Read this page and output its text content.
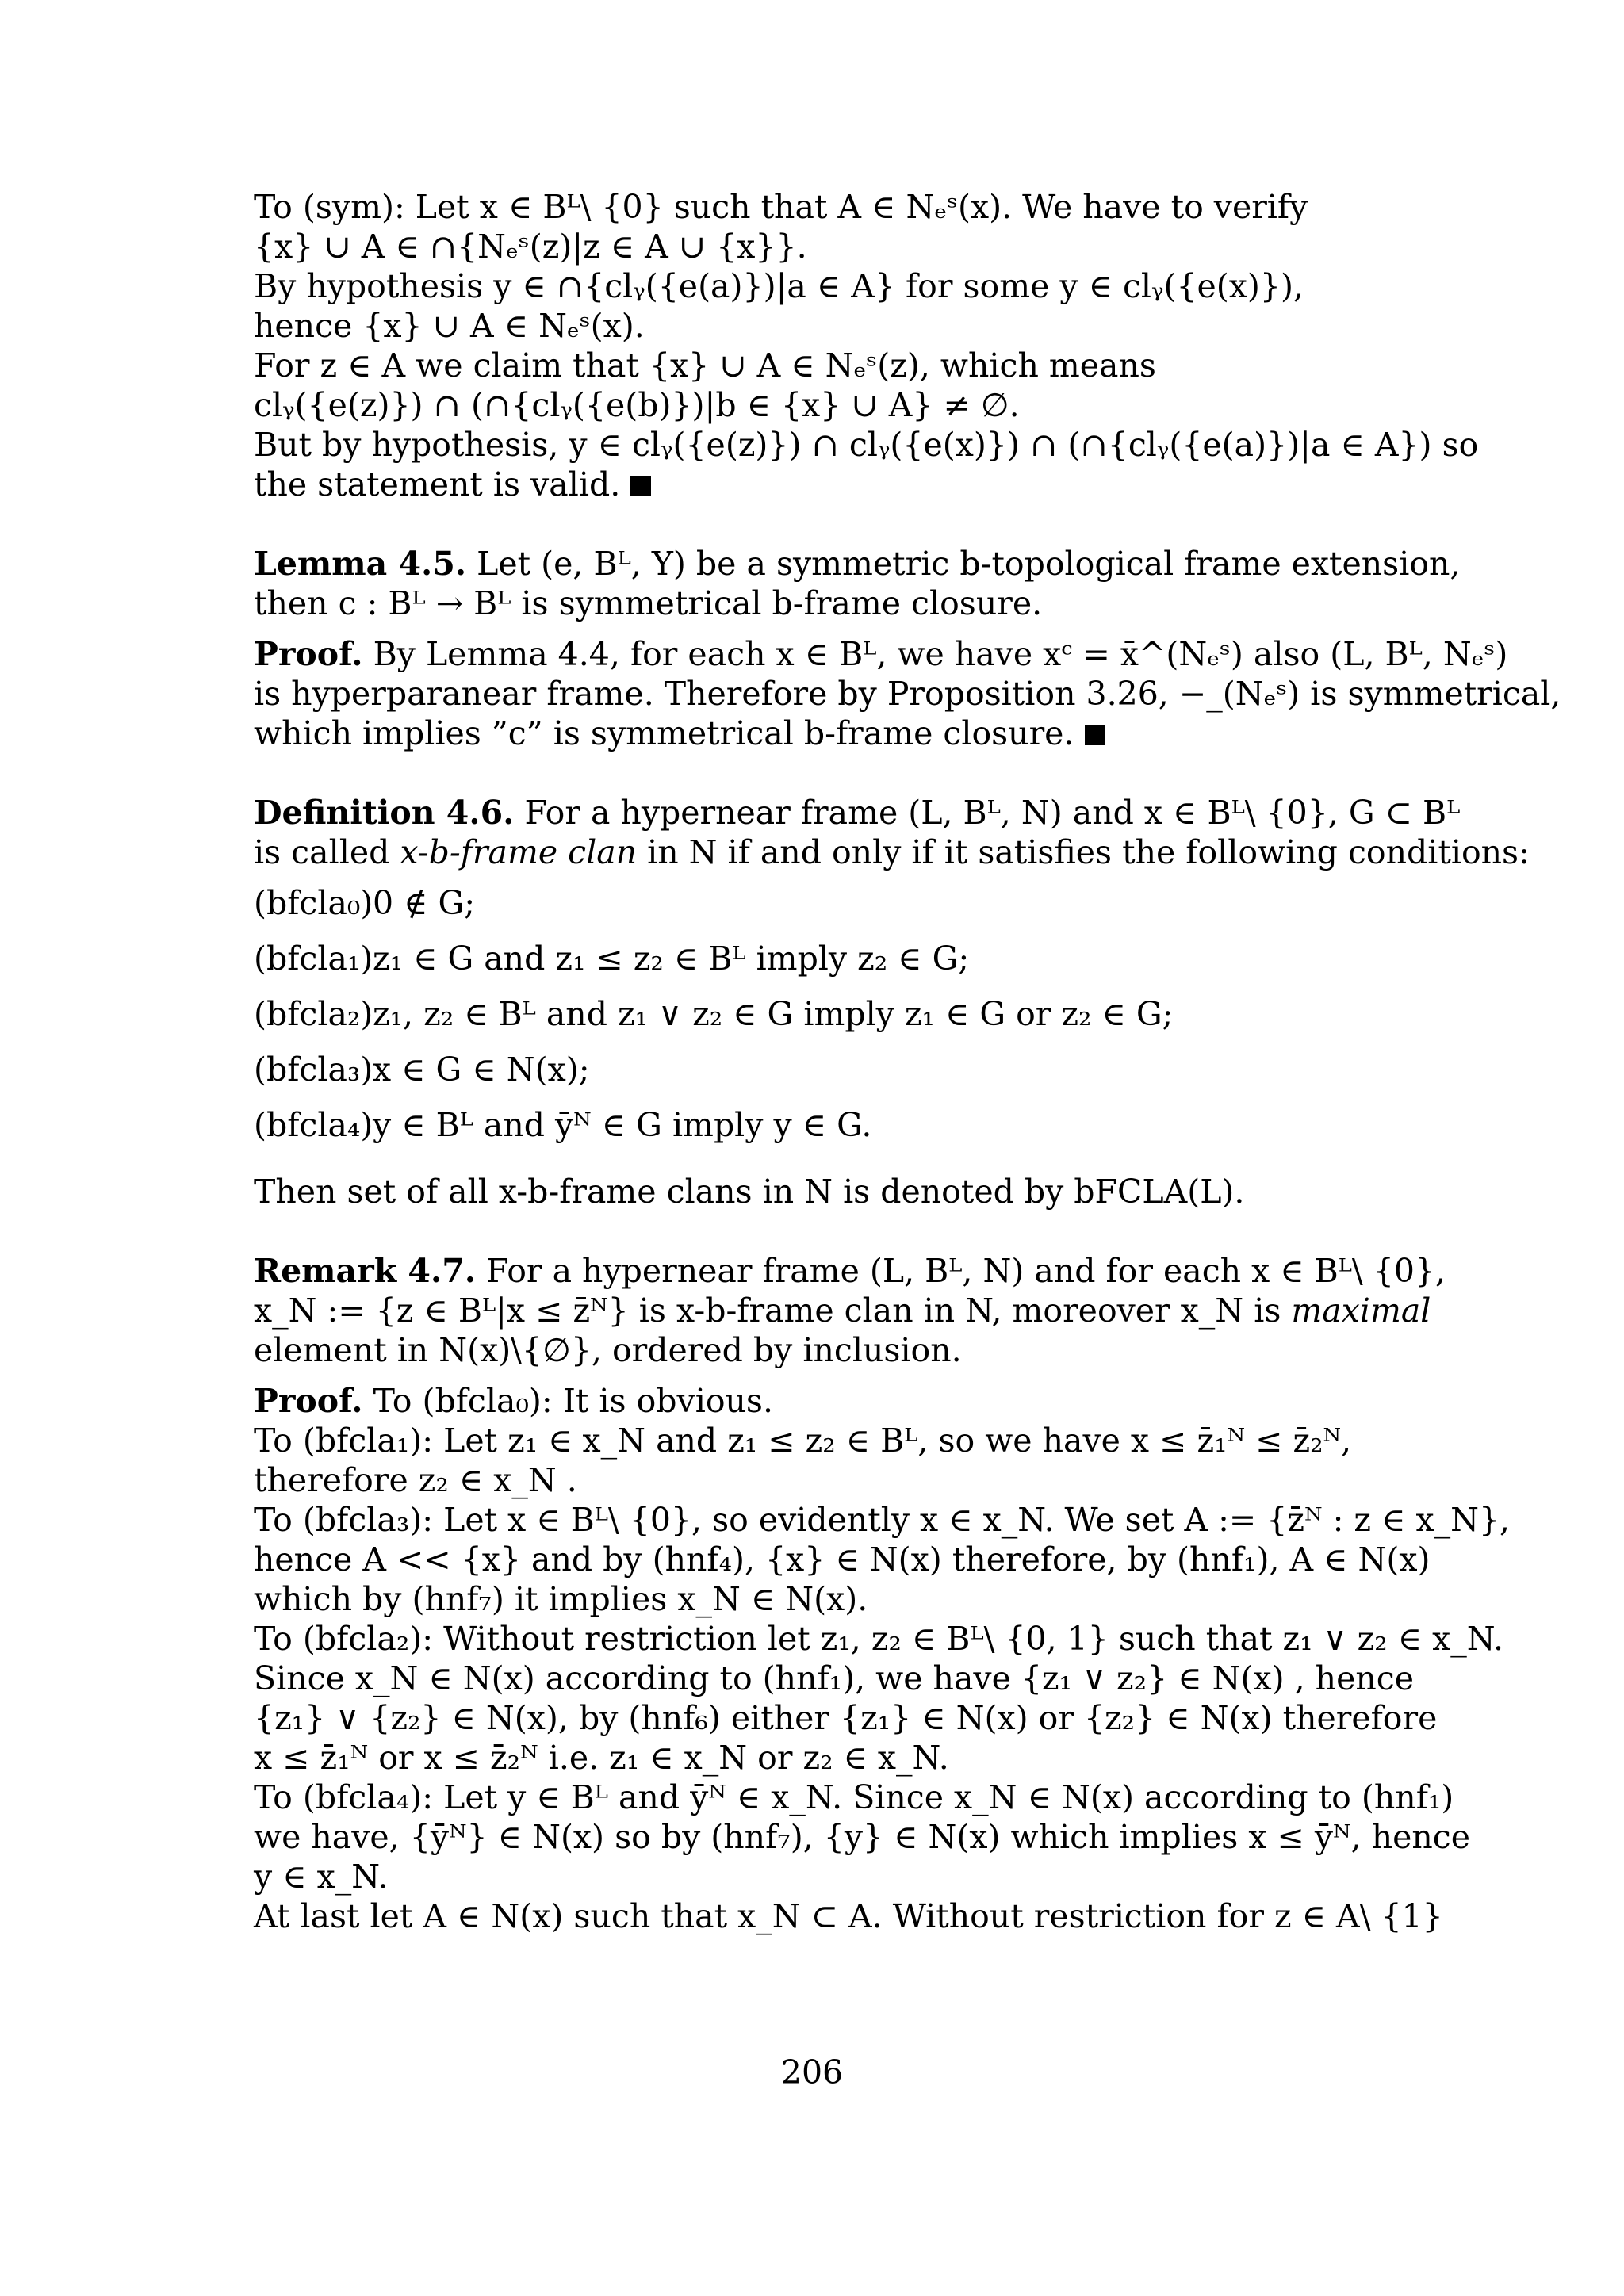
To (sym): Let x ∈ Bᴸ\ {0} such that A ∈ Nₑˢ(x). We have to verify
{x} ∪ A ∈ ∩{Nₑˢ(z)|z ∈ A ∪ {x}}.
By hypothesis y ∈ ∩{clᵧ({e(a)})|a ∈ A} for some y ∈ clᵧ({e(x)}),
hence {x} ∪ A ∈ Nₑˢ(x).
For z ∈ A we claim that {x} ∪ A ∈ Nₑˢ(z), which means
clᵧ({e(z)}) ∩ (∩{clᵧ({e(b)})|b ∈ {x} ∪ A} ≠ ∅.
But by hypothesis, y ∈ clᵧ({e(z)}) ∩ clᵧ({e(x)}) ∩ (∩{clᵧ({e(a)})|a ∈ A}) so
the statement is valid.
Lemma 4.5. Let (e, Bᴸ, Y) be a symmetric b-topological frame extension,
then c : Bᴸ → Bᴸ is symmetrical b-frame closure.
Proof. By Lemma 4.4, for each x ∈ Bᴸ, we have xᶜ = x̄^(Nₑˢ) also (L, Bᴸ, Nₑˢ)
is hyperparanear frame. Therefore by Proposition 3.26, −_(Nₑˢ) is symmetrical,
which implies ”c” is symmetrical b-frame closure.
Definition 4.6. For a hypernear frame (L, Bᴸ, N) and x ∈ Bᴸ\ {0}, G ⊂ Bᴸ
is called x-b-frame clan in N if and only if it satisfies the following conditions:
(bfcla₀)0 ∉ G;
(bfcla₁)z₁ ∈ G and z₁ ≤ z₂ ∈ Bᴸ imply z₂ ∈ G;
(bfcla₂)z₁, z₂ ∈ Bᴸ and z₁ ∨ z₂ ∈ G imply z₁ ∈ G or z₂ ∈ G;
(bfcla₃)x ∈ G ∈ N(x);
(bfcla₄)y ∈ Bᴸ and ȳᴺ ∈ G imply y ∈ G.
Then set of all x-b-frame clans in N is denoted by bFCLA(L).
Remark 4.7. For a hypernear frame (L, Bᴸ, N) and for each x ∈ Bᴸ\ {0},
x_N := {z ∈ Bᴸ|x ≤ z̄ᴺ} is x-b-frame clan in N, moreover x_N is maximal
element in N(x)\{∅}, ordered by inclusion.
Proof. To (bfcla₀): It is obvious.
To (bfcla₁): Let z₁ ∈ x_N and z₁ ≤ z₂ ∈ Bᴸ, so we have x ≤ z̄₁ᴺ ≤ z̄₂ᴺ,
therefore z₂ ∈ x_N .
To (bfcla₃): Let x ∈ Bᴸ\ {0}, so evidently x ∈ x_N. We set A := {z̄ᴺ : z ∈ x_N},
hence A << {x} and by (hnf₄), {x} ∈ N(x) therefore, by (hnf₁), A ∈ N(x)
which by (hnf₇) it implies x_N ∈ N(x).
To (bfcla₂): Without restriction let z₁, z₂ ∈ Bᴸ\ {0, 1} such that z₁ ∨ z₂ ∈ x_N.
Since x_N ∈ N(x) according to (hnf₁), we have {z₁ ∨ z₂} ∈ N(x) , hence
{z₁} ∨ {z₂} ∈ N(x), by (hnf₆) either {z₁} ∈ N(x) or {z₂} ∈ N(x) therefore
x ≤ z̄₁ᴺ or x ≤ z̄₂ᴺ i.e. z₁ ∈ x_N or z₂ ∈ x_N.
To (bfcla₄): Let y ∈ Bᴸ and ȳᴺ ∈ x_N. Since x_N ∈ N(x) according to (hnf₁)
we have, {ȳᴺ} ∈ N(x) so by (hnf₇), {y} ∈ N(x) which implies x ≤ ȳᴺ, hence
y ∈ x_N.
At last let A ∈ N(x) such that x_N ⊂ A. Without restriction for z ∈ A\ {1}
206
